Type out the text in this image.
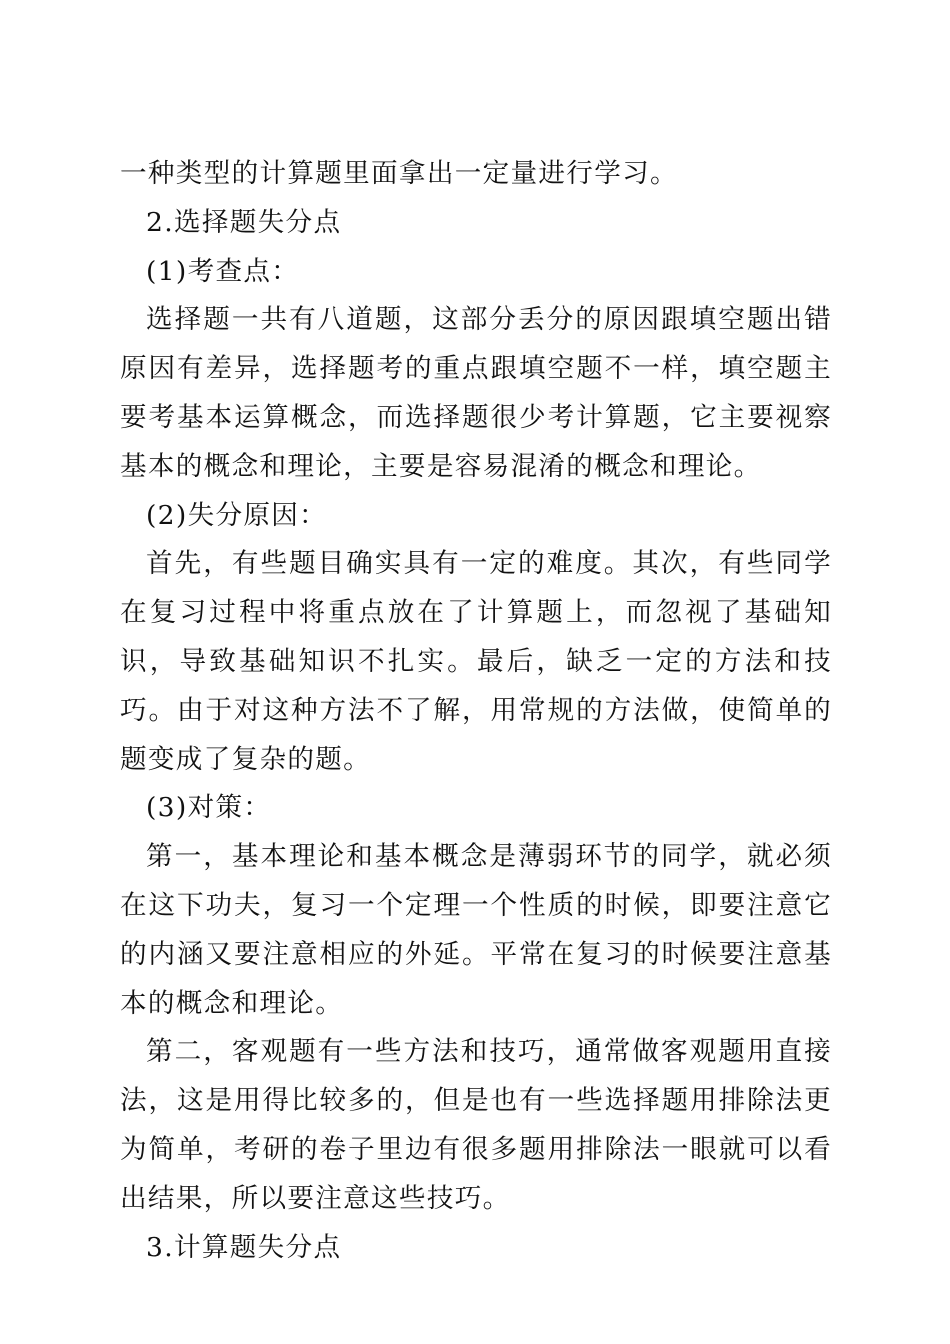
一种类型的计算题里面拿出一定量进行学习。

2.选择题失分点

(1)考查点：

选择题一共有八道题，这部分丢分的原因跟填空题出错原因有差异，选择题考的重点跟填空题不一样，填空题主要考基本运算概念，而选择题很少考计算题，它主要视察基本的概念和理论，主要是容易混淆的概念和理论。

(2)失分原因：

首先，有些题目确实具有一定的难度。其次，有些同学在复习过程中将重点放在了计算题上，而忽视了基础知识，导致基础知识不扎实。最后，缺乏一定的方法和技巧。由于对这种方法不了解，用常规的方法做，使简单的题变成了复杂的题。

(3)对策：

第一，基本理论和基本概念是薄弱环节的同学，就必须在这下功夫，复习一个定理一个性质的时候，即要注意它的内涵又要注意相应的外延。平常在复习的时候要注意基本的概念和理论。

第二，客观题有一些方法和技巧，通常做客观题用直接法，这是用得比较多的，但是也有一些选择题用排除法更为简单，考研的卷子里边有很多题用排除法一眼就可以看出结果，所以要注意这些技巧。

3.计算题失分点
